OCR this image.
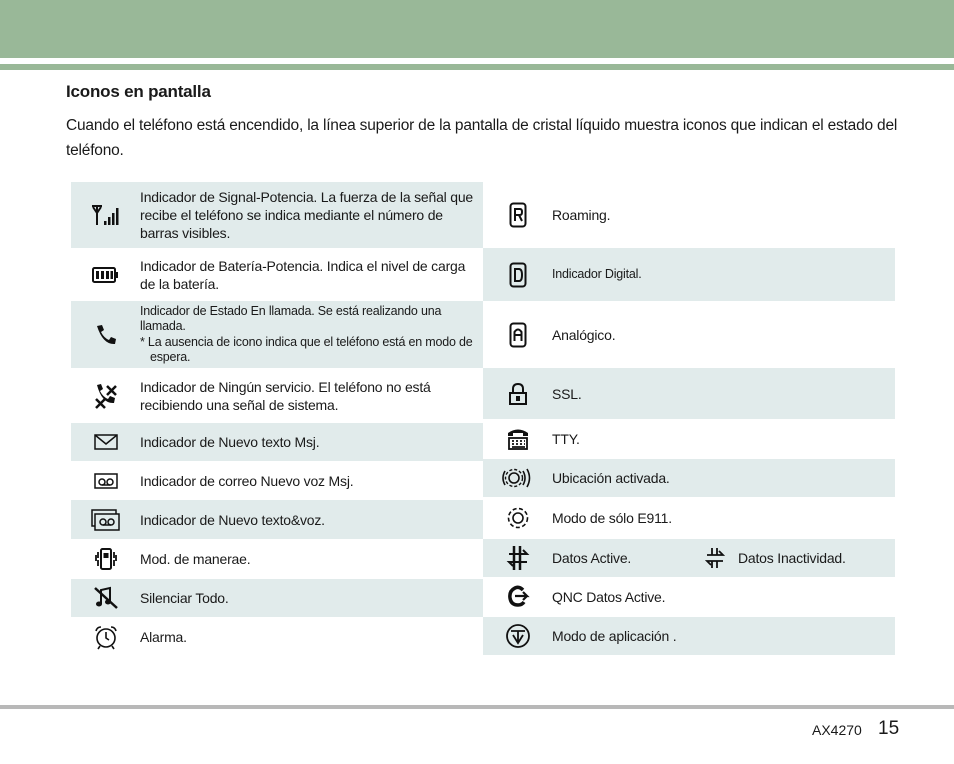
Iconos en pantalla

Cuando el teléfono está encendido, la línea superior de la pantalla de cristal líquido muestra iconos que indican el estado del teléfono.

Indicador de Signal-Potencia. La fuerza de la señal que recibe el teléfono se indica mediante el número de barras visibles.
Indicador de Batería-Potencia. Indica el nivel de carga de la batería.
Indicador de Estado En llamada. Se está realizando una llamada.
* La ausencia de icono indica que el teléfono está en modo de espera.
Indicador de Ningún servicio. El teléfono no está recibiendo una señal de sistema.
Indicador de Nuevo texto Msj.
Indicador de correo Nuevo voz Msj.
Indicador de Nuevo texto&voz.
Mod. de manerae.
Silenciar Todo.
Alarma.
Roaming.
Indicador Digital.
Analógico.
SSL.
TTY.
Ubicación activada.
Modo de sólo E911.
Datos Active.	Datos Inactividad.
QNC Datos Active.
Modo de aplicación .
AX4270 15
